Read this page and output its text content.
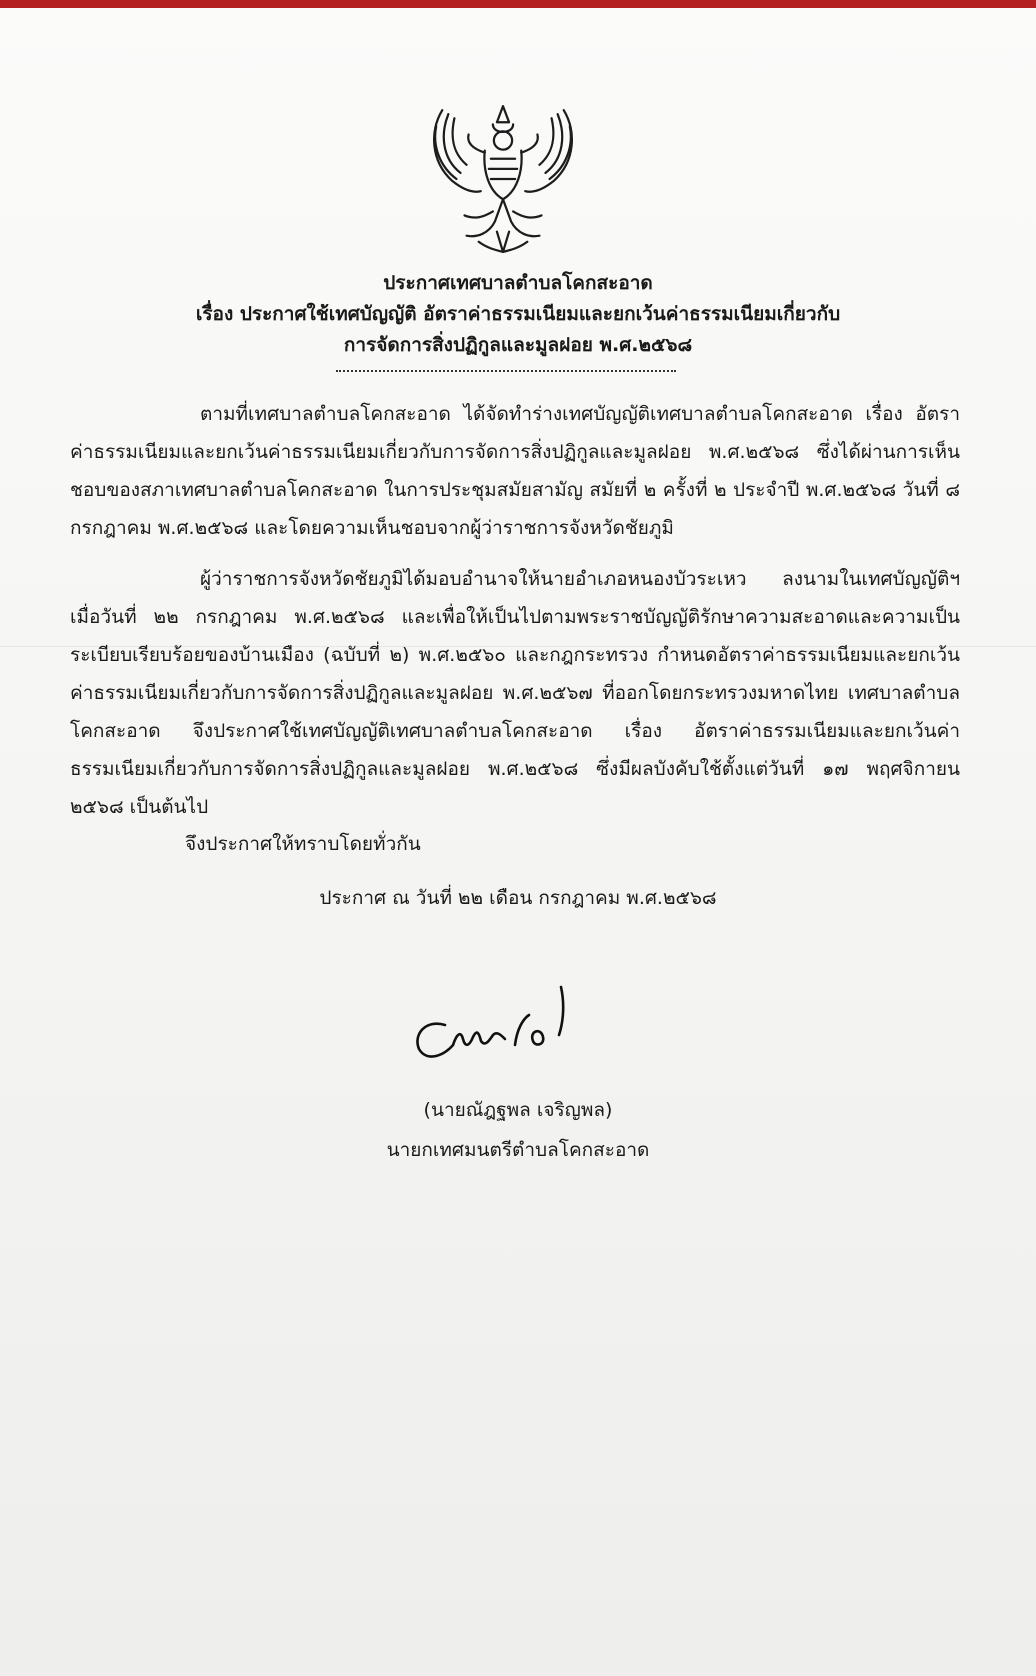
ประกาศเทศบาลตำบลโคกสะอาด
เรื่อง ประกาศใช้เทศบัญญัติ อัตราค่าธรรมเนียมและยกเว้นค่าธรรมเนียมเกี่ยวกับ
การจัดการสิ่งปฏิกูลและมูลฝอย พ.ศ.๒๕๖๘
ตามที่เทศบาลตำบลโคกสะอาด ได้จัดทำร่างเทศบัญญัติเทศบาลตำบลโคกสะอาด เรื่อง อัตราค่าธรรมเนียมและยกเว้นค่าธรรมเนียมเกี่ยวกับการจัดการสิ่งปฏิกูลและมูลฝอย พ.ศ.๒๕๖๘ ซึ่งได้ผ่านการเห็นชอบของสภาเทศบาลตำบลโคกสะอาด ในการประชุมสมัยสามัญ สมัยที่ ๒ ครั้งที่ ๒ ประจำปี พ.ศ.๒๕๖๘ วันที่ ๘ กรกฎาคม พ.ศ.๒๕๖๘ และโดยความเห็นชอบจากผู้ว่าราชการจังหวัดชัยภูมิ
ผู้ว่าราชการจังหวัดชัยภูมิได้มอบอำนาจให้นายอำเภอหนองบัวระเหว ลงนามในเทศบัญญัติฯ เมื่อวันที่ ๒๒ กรกฎาคม พ.ศ.๒๕๖๘ และเพื่อให้เป็นไปตามพระราชบัญญัติรักษาความสะอาดและความเป็นระเบียบเรียบร้อยของบ้านเมือง (ฉบับที่ ๒) พ.ศ.๒๕๖๐ และกฎกระทรวง กำหนดอัตราค่าธรรมเนียมและยกเว้นค่าธรรมเนียมเกี่ยวกับการจัดการสิ่งปฏิกูลและมูลฝอย พ.ศ.๒๕๖๗ ที่ออกโดยกระทรวงมหาดไทย เทศบาลตำบลโคกสะอาด จึงประกาศใช้เทศบัญญัติเทศบาลตำบลโคกสะอาด เรื่อง อัตราค่าธรรมเนียมและยกเว้นค่าธรรมเนียมเกี่ยวกับการจัดการสิ่งปฏิกูลและมูลฝอย พ.ศ.๒๕๖๘ ซึ่งมีผลบังคับใช้ตั้งแต่วันที่ ๑๗ พฤศจิกายน ๒๕๖๘ เป็นต้นไป
จึงประกาศให้ทราบโดยทั่วกัน
ประกาศ ณ วันที่ ๒๒ เดือน กรกฎาคม พ.ศ.๒๕๖๘
(นายณัฎฐพล เจริญพล)
นายกเทศมนตรีตำบลโคกสะอาด
